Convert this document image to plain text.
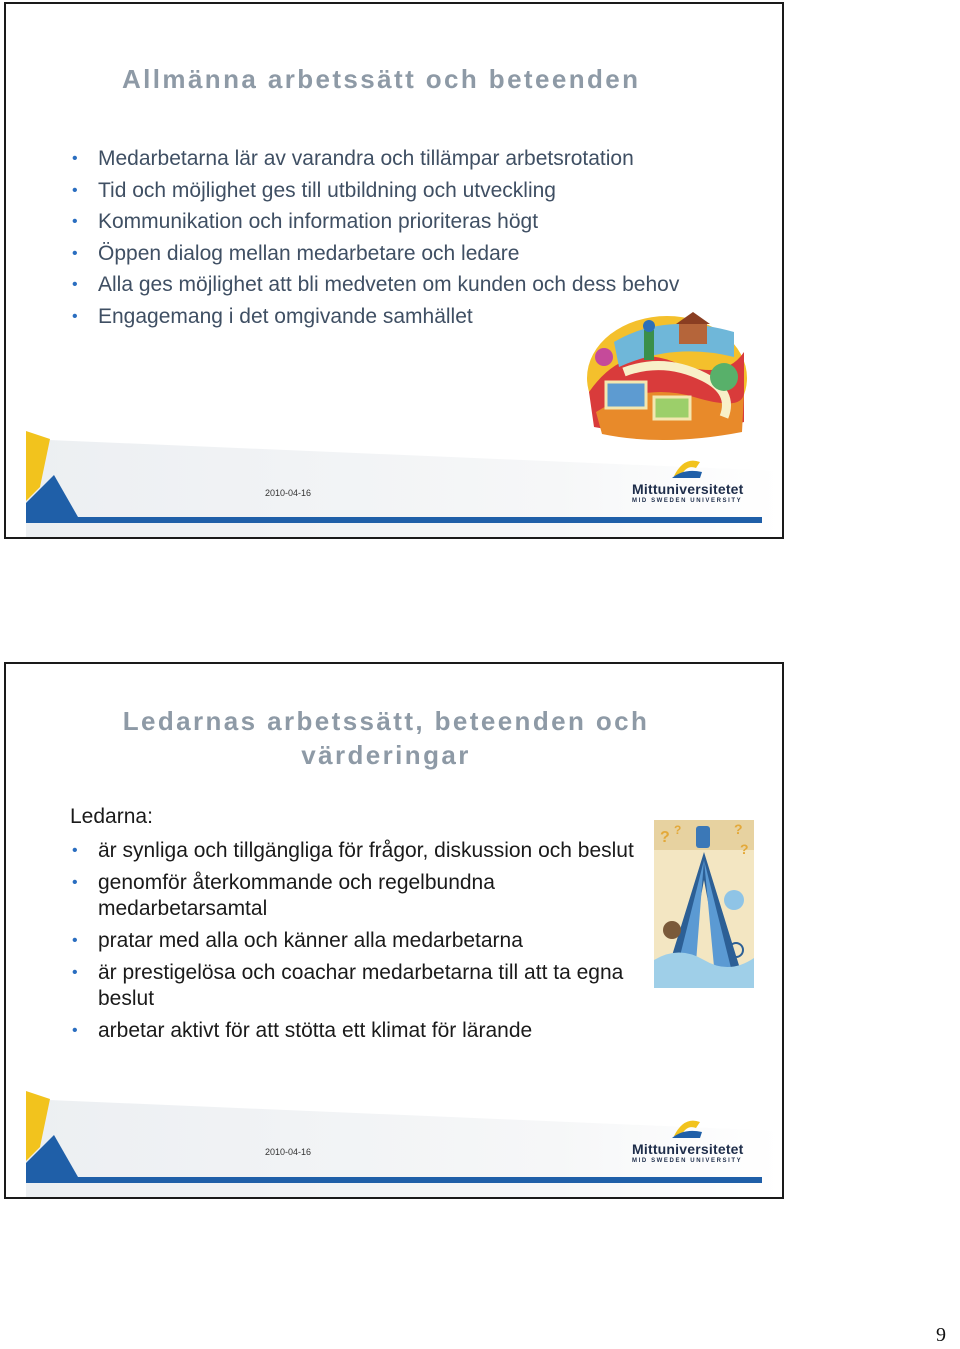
Allmänna arbetssätt och beteenden
• Medarbetarna lär av varandra och tillämpar arbetsrotation
• Tid och möjlighet ges till utbildning och utveckling
• Kommunikation och information prioriteras högt
• Öppen dialog mellan medarbetare och ledare
• Alla ges möjlighet att bli medveten om kunden och dess behov
• Engagemang i det omgivande samhället
2010-04-16	Mittuniversitetet
MID SWEDEN UNIVERSITY
Ledarnas arbetssätt, beteenden och värderingar
Ledarna:
• är synliga och tillgängliga för frågor, diskussion och beslut
• genomför återkommande och regelbundna medarbetarsamtal
• pratar med alla och känner alla medarbetarna
• är prestigelösa och coachar medarbetarna till att ta egna beslut
• arbetar aktivt för att stötta ett klimat för lärande
?	?
?
?
2010-04-16	Mittuniversitetet
MID SWEDEN UNIVERSITY
9
